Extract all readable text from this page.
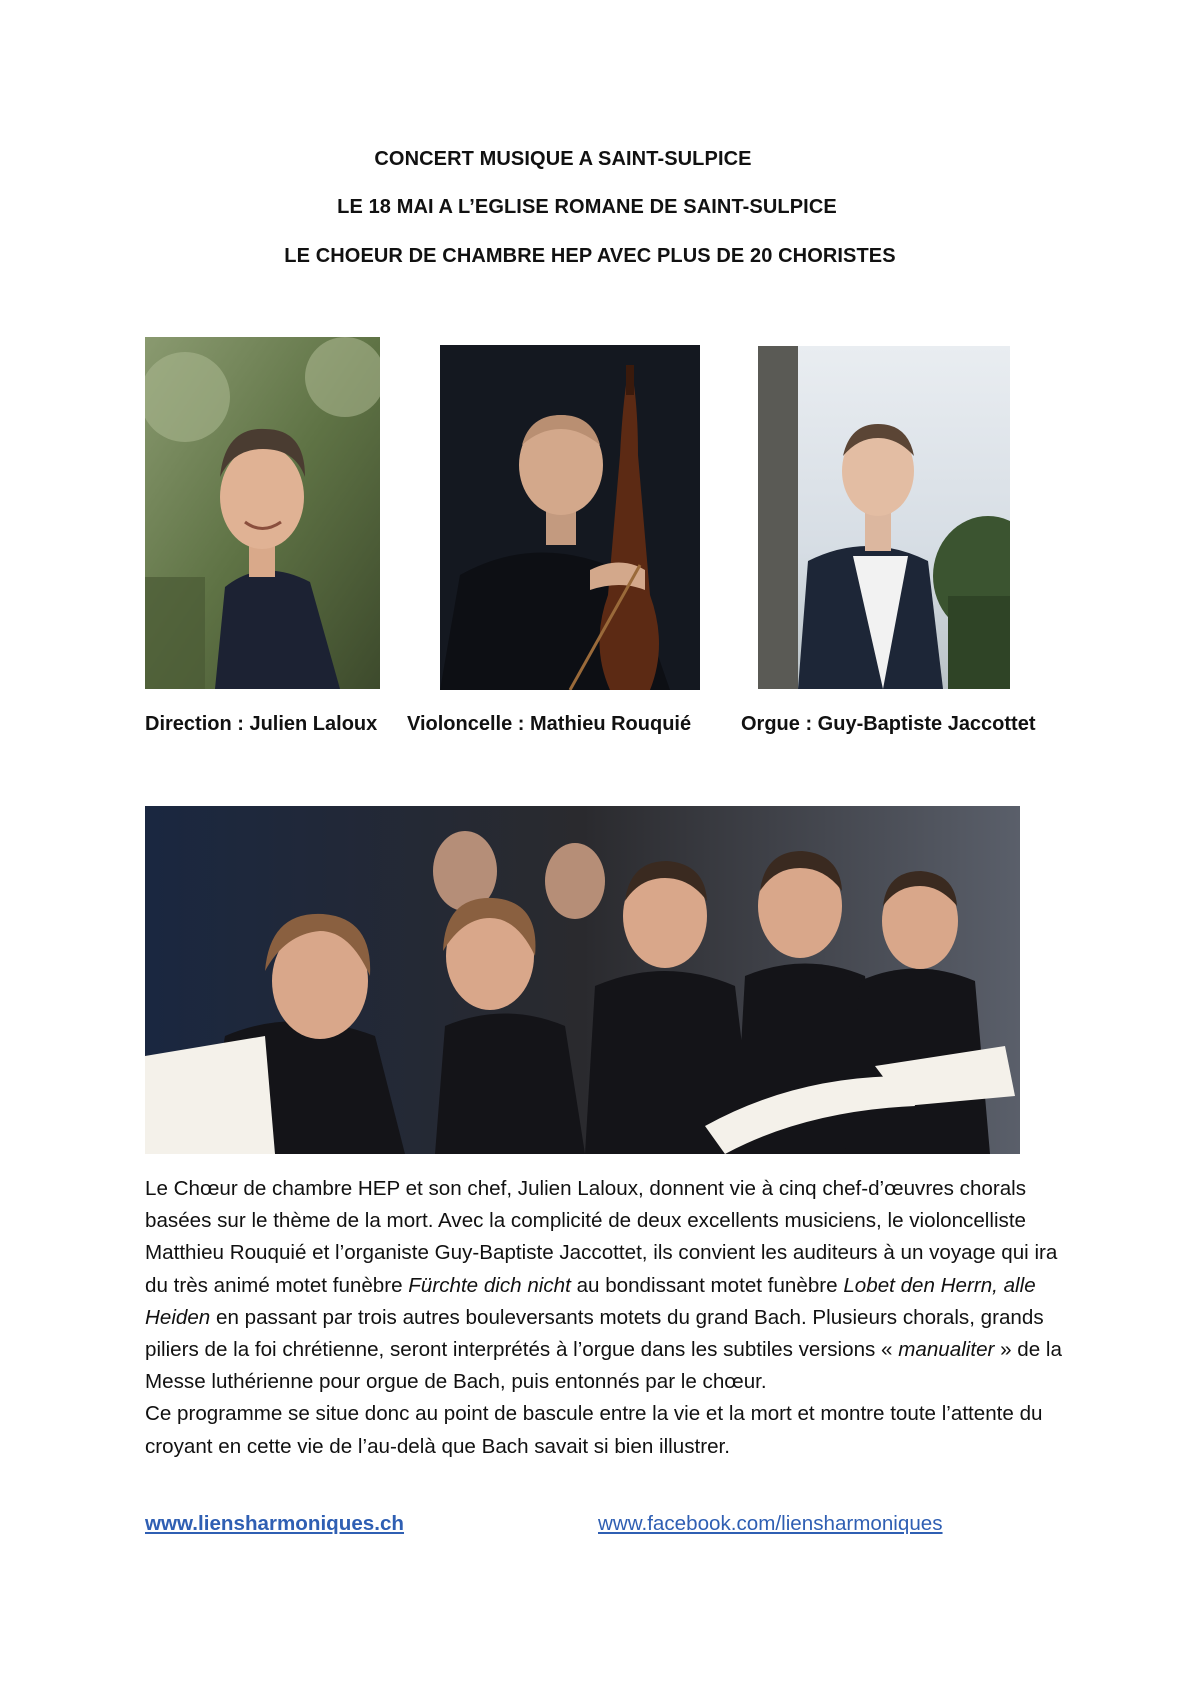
CONCERT MUSIQUE A SAINT-SULPICE
LE 18 MAI A L’EGLISE ROMANE DE SAINT-SULPICE
LE CHOEUR DE CHAMBRE HEP AVEC PLUS DE 20 CHORISTES
Direction : Julien Laloux Violoncelle : Mathieu Rouquié Orgue : Guy-Baptiste Jaccottet

Le Chœur de chambre HEP et son chef, Julien Laloux, donnent vie à cinq chef-d’œuvres chorals basées sur le thème de la mort. Avec la complicité de deux excellents musiciens, le violoncelliste Matthieu Rouquié et l’organiste Guy-Baptiste Jaccottet, ils convient les auditeurs à un voyage qui ira du très animé motet funèbre Fürchte dich nicht au bondissant motet funèbre Lobet den Herrn, alle Heiden en passant par trois autres bouleversants motets du grand Bach. Plusieurs chorals, grands piliers de la foi chrétienne, seront interprétés à l’orgue dans les subtiles versions « manualiter » de la Messe luthérienne pour orgue de Bach, puis entonnés par le chœur.

Ce programme se situe donc au point de bascule entre la vie et la mort et montre toute l’attente du croyant en cette vie de l’au-delà que Bach savait si bien illustrer.

www.liensharmoniques.ch	www.facebook.com/liensharmoniques
